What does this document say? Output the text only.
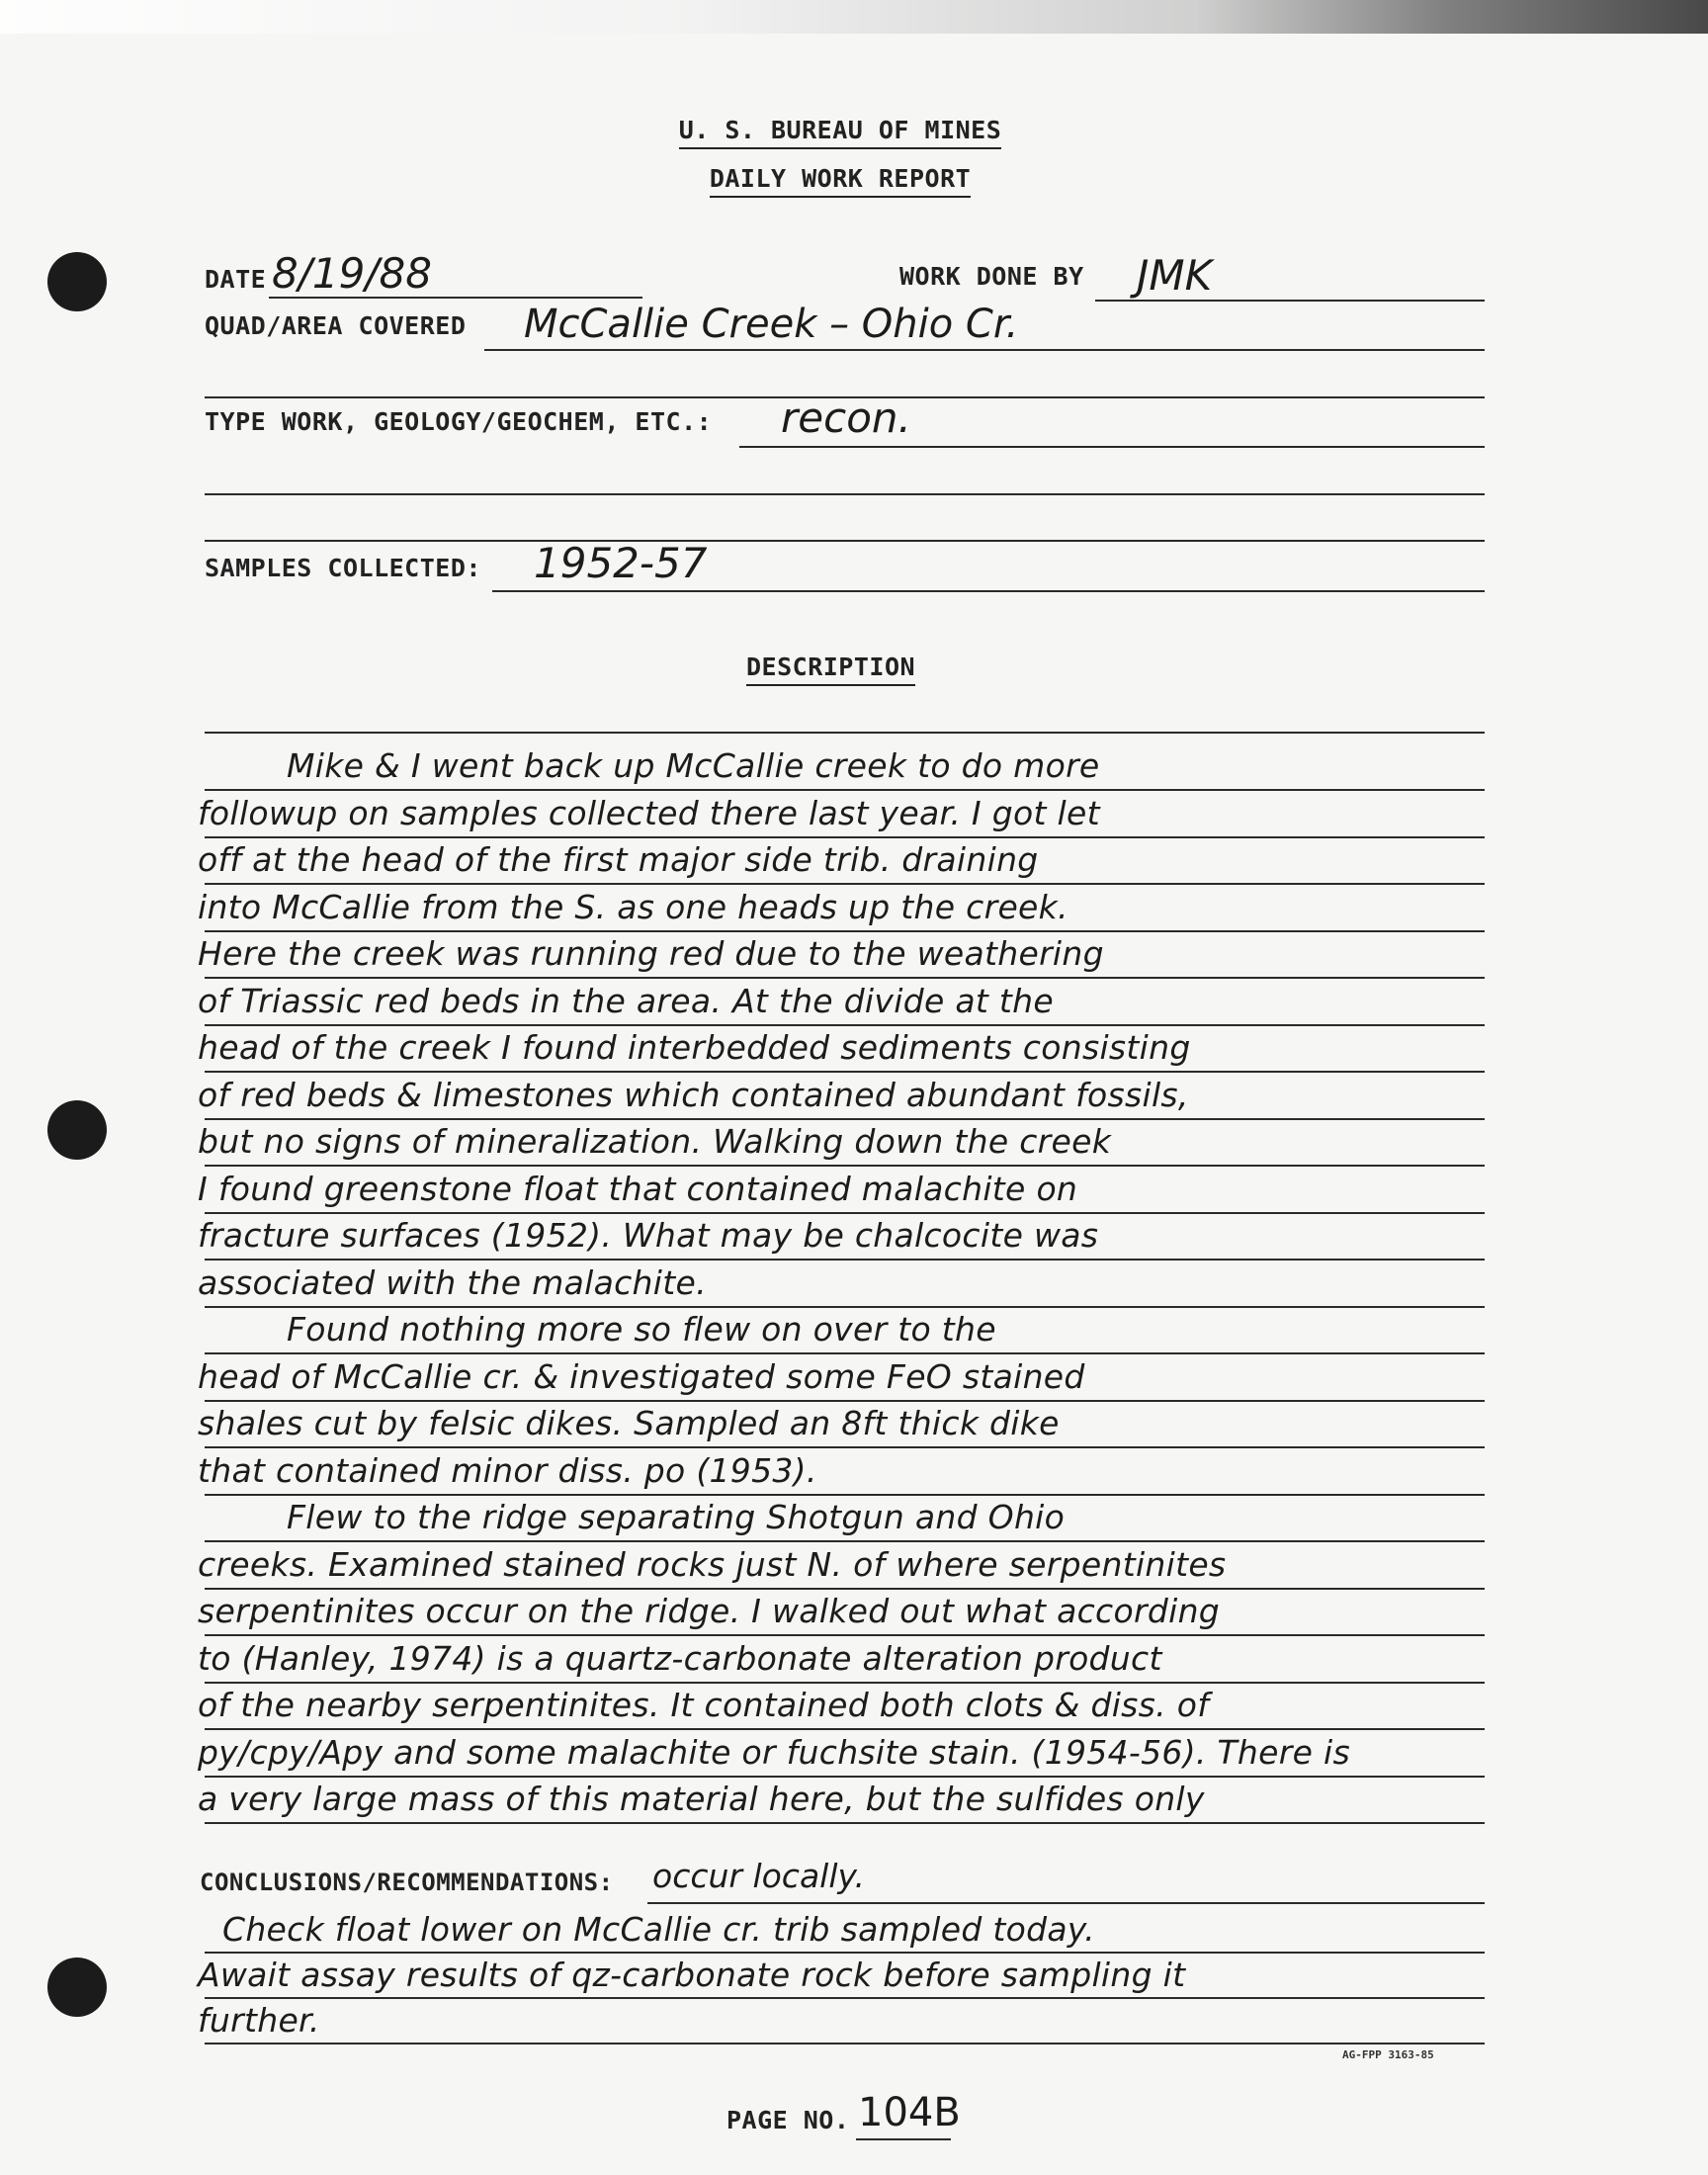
U. S. BUREAU OF MINES
DAILY WORK REPORT
DATE 8/19/88	WORK DONE BY JMK
QUAD/AREA COVERED McCallie Creek – Ohio Cr.
TYPE WORK, GEOLOGY/GEOCHEM, ETC.: recon.
SAMPLES COLLECTED: 1952-57
DESCRIPTION
Mike & I went back up McCallie creek to do more
followup on samples collected there last year. I got let
off at the head of the first major side trib. draining
into McCallie from the S. as one heads up the creek.
Here the creek was running red due to the weathering
of Triassic red beds in the area. At the divide at the
head of the creek I found interbedded sediments consisting
of red beds & limestones which contained abundant fossils,
but no signs of mineralization. Walking down the creek
I found greenstone float that contained malachite on
fracture surfaces (1952). What may be chalcocite was
associated with the malachite.
Found nothing more so flew on over to the
head of McCallie cr. & investigated some FeO stained
shales cut by felsic dikes. Sampled an 8ft thick dike
that contained minor diss. po (1953).
Flew to the ridge separating Shotgun and Ohio
creeks. Examined stained rocks just N. of where serpentinites
serpentinites occur on the ridge. I walked out what according
to (Hanley, 1974) is a quartz-carbonate alteration product
of the nearby serpentinites. It contained both clots & diss. of
py/cpy/Apy and some malachite or fuchsite stain. (1954-56). There is
a very large mass of this material here, but the sulfides only
CONCLUSIONS/RECOMMENDATIONS: occur locally.
Check float lower on McCallie cr. trib sampled today.
Await assay results of qz-carbonate rock before sampling it
further.
AG-FPP 3163-85
PAGE NO. 104B
